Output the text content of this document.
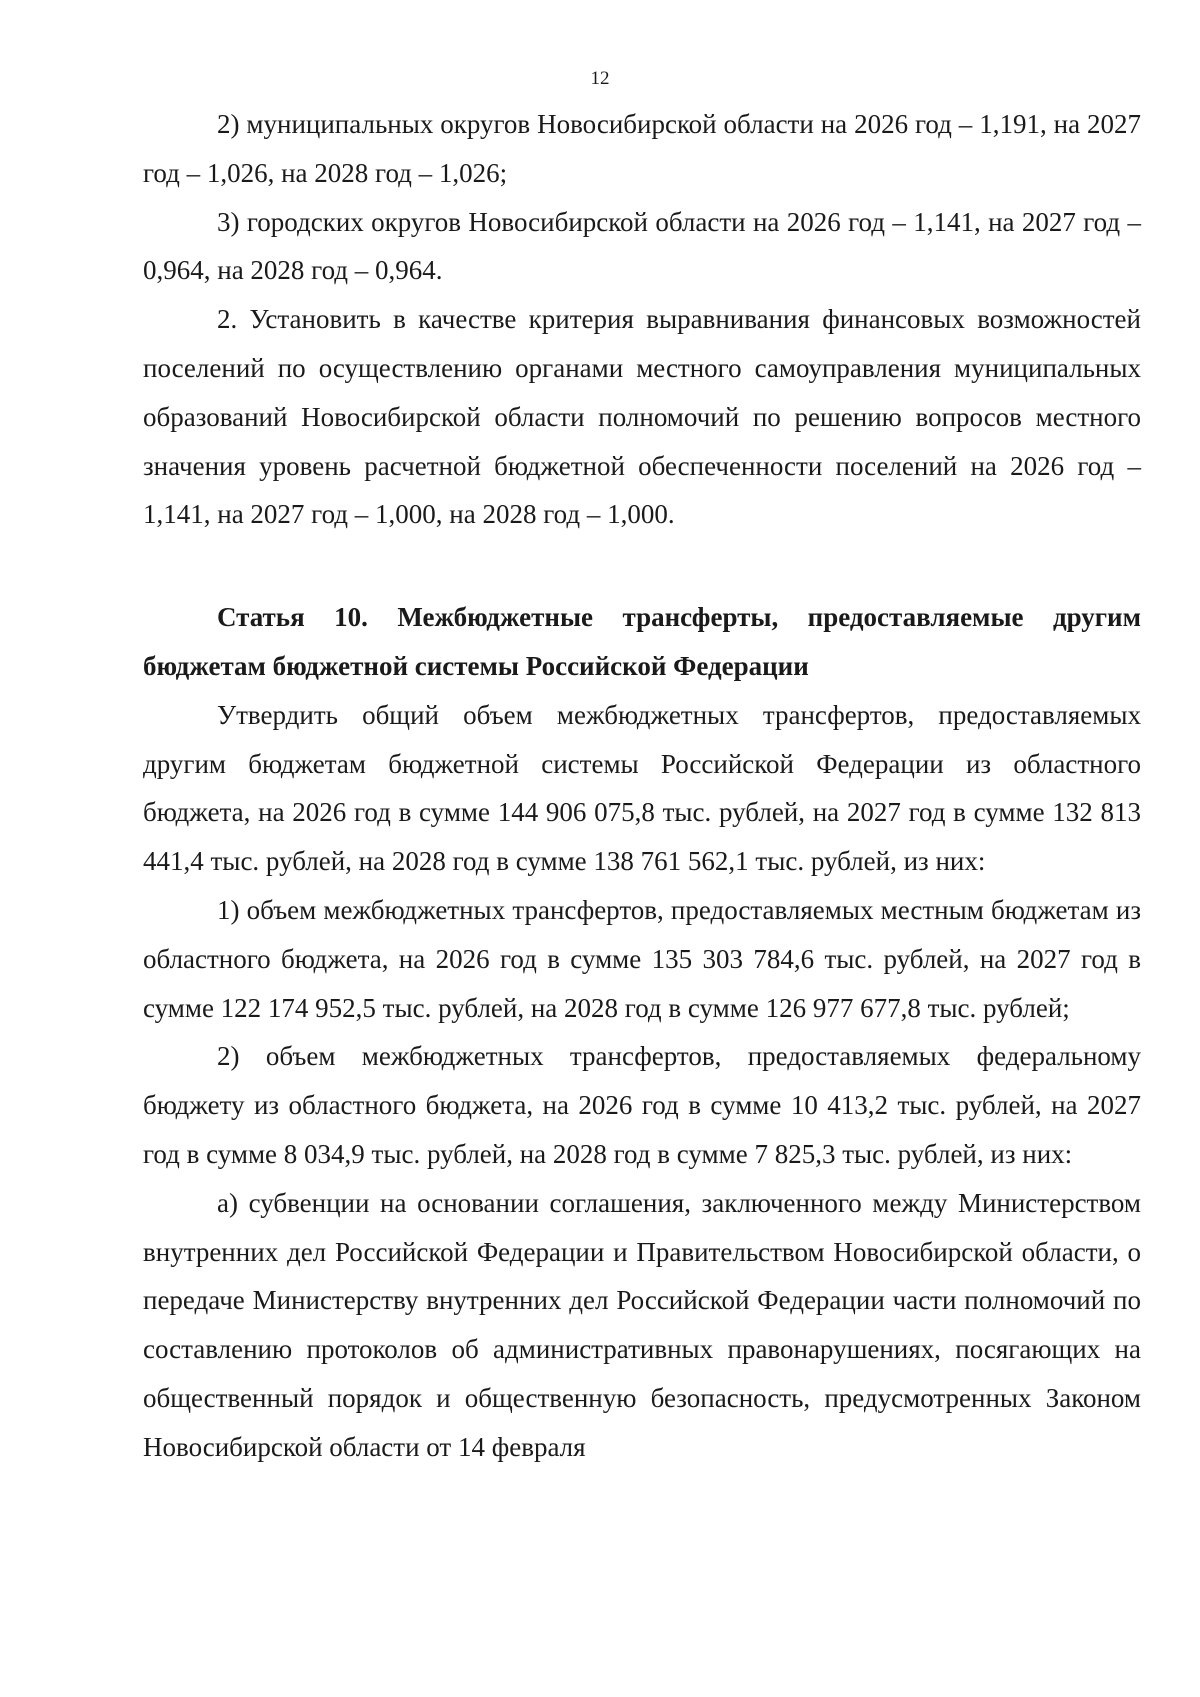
12

2) муниципальных округов Новосибирской области на 2026 год – 1,191, на 2027 год – 1,026, на 2028 год – 1,026;

3) городских округов Новосибирской области на 2026 год – 1,141, на 2027 год – 0,964, на 2028 год – 0,964.

2. Установить в качестве критерия выравнивания финансовых возможностей поселений по осуществлению органами местного самоуправления муниципальных образований Новосибирской области полномочий по решению вопросов местного значения уровень расчетной бюджетной обеспеченности поселений на 2026 год – 1,141, на 2027 год – 1,000, на 2028 год – 1,000.

Статья 10. Межбюджетные трансферты, предоставляемые другим бюджетам бюджетной системы Российской Федерации

Утвердить общий объем межбюджетных трансфертов, предоставляемых другим бюджетам бюджетной системы Российской Федерации из областного бюджета, на 2026 год в сумме 144 906 075,8 тыс. рублей, на 2027 год в сумме 132 813 441,4 тыс. рублей, на 2028 год в сумме 138 761 562,1 тыс. рублей, из них:

1) объем межбюджетных трансфертов, предоставляемых местным бюджетам из областного бюджета, на 2026 год в сумме 135 303 784,6 тыс. рублей, на 2027 год в сумме 122 174 952,5 тыс. рублей, на 2028 год в сумме 126 977 677,8 тыс. рублей;

2) объем межбюджетных трансфертов, предоставляемых федеральному бюджету из областного бюджета, на 2026 год в сумме 10 413,2 тыс. рублей, на 2027 год в сумме 8 034,9 тыс. рублей, на 2028 год в сумме 7 825,3 тыс. рублей, из них:

а) субвенции на основании соглашения, заключенного между Министерством внутренних дел Российской Федерации и Правительством Новосибирской области, о передаче Министерству внутренних дел Российской Федерации части полномочий по составлению протоколов об административных правонарушениях, посягающих на общественный порядок и общественную безопасность, предусмотренных Законом Новосибирской области от 14 февраля
